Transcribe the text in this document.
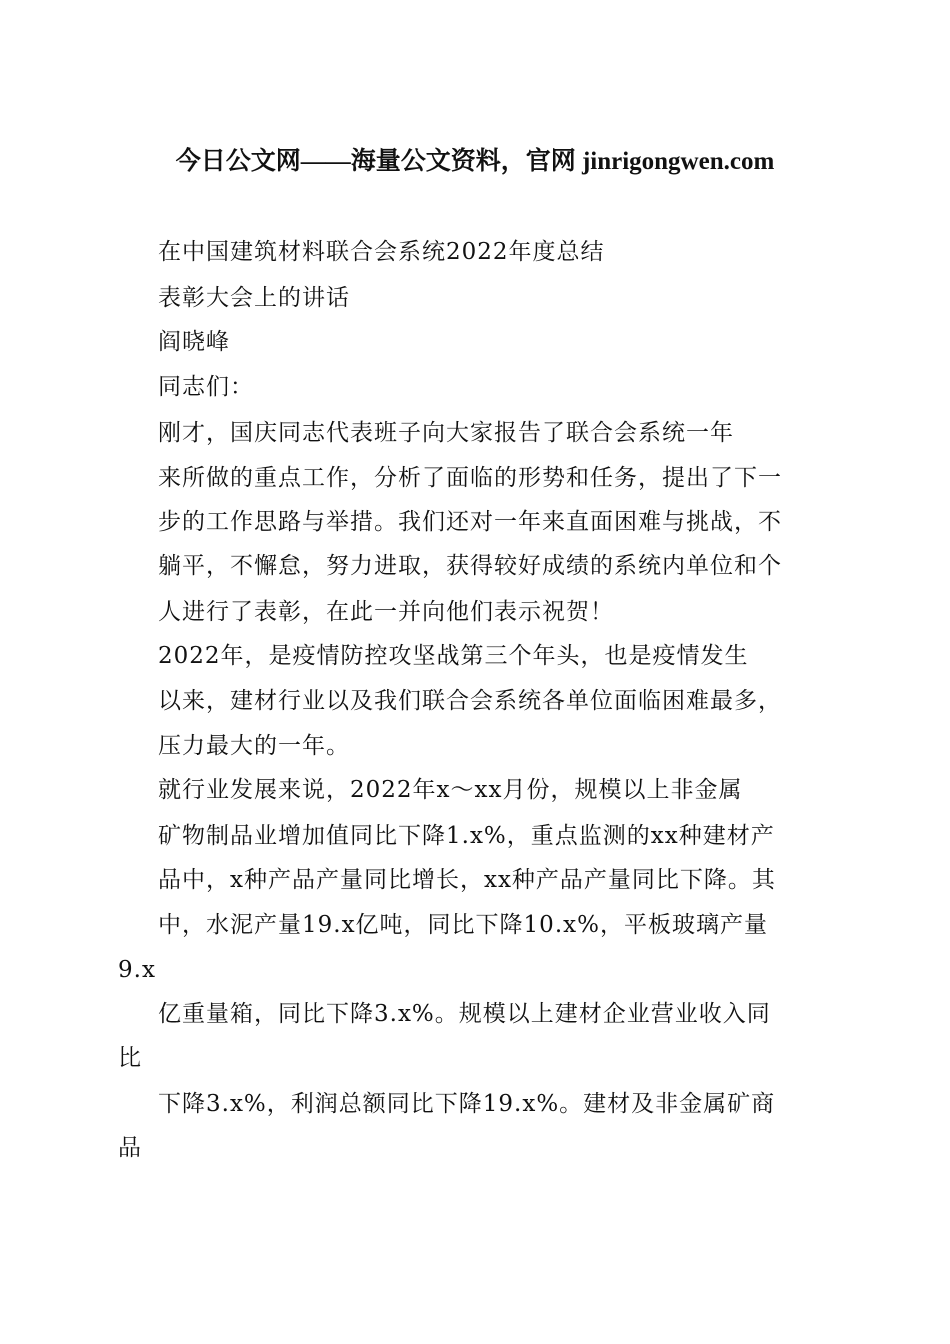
今日公文网——海量公文资料，官网 jinrigongwen.com
在中国建筑材料联合会系统2022年度总结
表彰大会上的讲话
阎晓峰
同志们：
刚才，国庆同志代表班子向大家报告了联合会系统一年
来所做的重点工作，分析了面临的形势和任务，提出了下一
步的工作思路与举措。我们还对一年来直面困难与挑战，不
躺平，不懈怠，努力进取，获得较好成绩的系统内单位和个
人进行了表彰，在此一并向他们表示祝贺！
2022年，是疫情防控攻坚战第三个年头，也是疫情发生
以来，建材行业以及我们联合会系统各单位面临困难最多，
压力最大的一年。
就行业发展来说，2022年x～xx月份，规模以上非金属
矿物制品业增加值同比下降1.x%，重点监测的xx种建材产
品中，x种产品产量同比增长，xx种产品产量同比下降。其
中，水泥产量19.x亿吨，同比下降10.x%，平板玻璃产量
9.x
亿重量箱，同比下降3.x%。规模以上建材企业营业收入同
比
下降3.x%，利润总额同比下降19.x%。建材及非金属矿商
品
